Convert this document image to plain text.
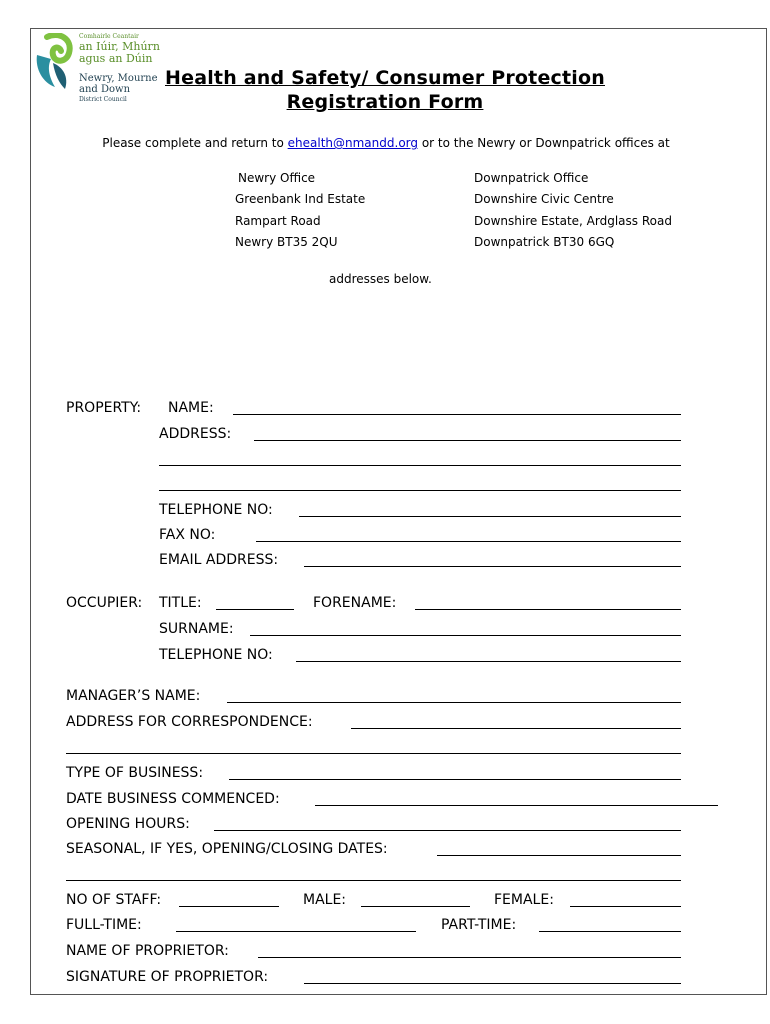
Comhairle Ceantair
an Iúir, Mhúrn
agus an Dúin
Newry, Mourne
and Down
District Council
Health and Safety/ Consumer Protection
Registration Form
Please complete and return to ehealth@nmandd.org or to the Newry or Downpatrick offices at
Newry Office
Greenbank Ind Estate
Rampart Road
Newry BT35 2QU
Downpatrick Office
Downshire Civic Centre
Downshire Estate, Ardglass Road
Downpatrick BT30 6GQ
addresses below.
PROPERTY: NAME:
ADDRESS:
TELEPHONE NO:
FAX NO:
EMAIL ADDRESS:
OCCUPIER: TITLE:	FORENAME:
SURNAME:
TELEPHONE NO:
MANAGER’S NAME:
ADDRESS FOR CORRESPONDENCE:
TYPE OF BUSINESS:
DATE BUSINESS COMMENCED:
OPENING HOURS:
SEASONAL, IF YES, OPENING/CLOSING DATES:
NO OF STAFF:	MALE:	FEMALE:
FULL-TIME:	PART-TIME:
NAME OF PROPRIETOR:
SIGNATURE OF PROPRIETOR:
